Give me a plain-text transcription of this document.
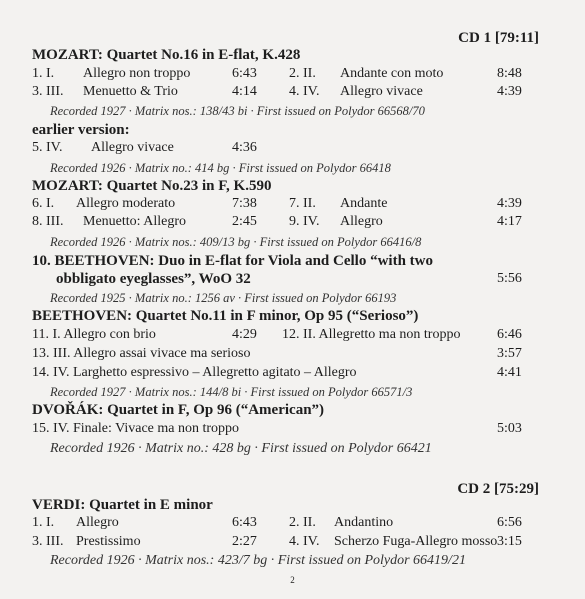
CD 1 [79:11]
MOZART: Quartet No.16 in E-flat, K.428
1. I. Allegro non troppo	6:43 2. II. Andante con moto	8:48
3. III. Menuetto & Trio	4:14 4. IV. Allegro vivace	4:39
Recorded 1927 · Matrix nos.: 138/43 bi · First issued on Polydor 66568/70
earlier version:
5. IV. Allegro vivace	4:36
Recorded 1926 · Matrix no.: 414 bg · First issued on Polydor 66418
MOZART: Quartet No.23 in F, K.590
6. I. Allegro moderato	7:38 7. II. Andante	4:39
8. III. Menuetto: Allegro	2:45 9. IV. Allegro	4:17
Recorded 1926 · Matrix nos.: 409/13 bg · First issued on Polydor 66416/8
10. BEETHOVEN: Duo in E-flat for Viola and Cello “with two
obbligato eyeglasses”, WoO 32	5:56
Recorded 1925 · Matrix no.: 1256 av · First issued on Polydor 66193
BEETHOVEN: Quartet No.11 in F minor, Op 95 (“Serioso”)
11. I. Allegro con brio	4:29 12. II. Allegretto ma non troppo	6:46
13. III. Allegro assai vivace ma serioso	3:57
14. IV. Larghetto espressivo – Allegretto agitato – Allegro	4:41
Recorded 1927 · Matrix nos.: 144/8 bi · First issued on Polydor 66571/3
DVOŘÁK: Quartet in F, Op 96 (“American”)
15. IV. Finale: Vivace ma non troppo	5:03
Recorded 1926 · Matrix no.: 428 bg · First issued on Polydor 66421
CD 2 [75:29]
VERDI: Quartet in E minor
1. I. Allegro	6:43 2. II. Andantino	6:56
3. III. Prestissimo	2:27 4. IV. Scherzo Fuga-Allegro mosso 3:15
Recorded 1926 · Matrix nos.: 423/7 bg · First issued on Polydor 66419/21
2
